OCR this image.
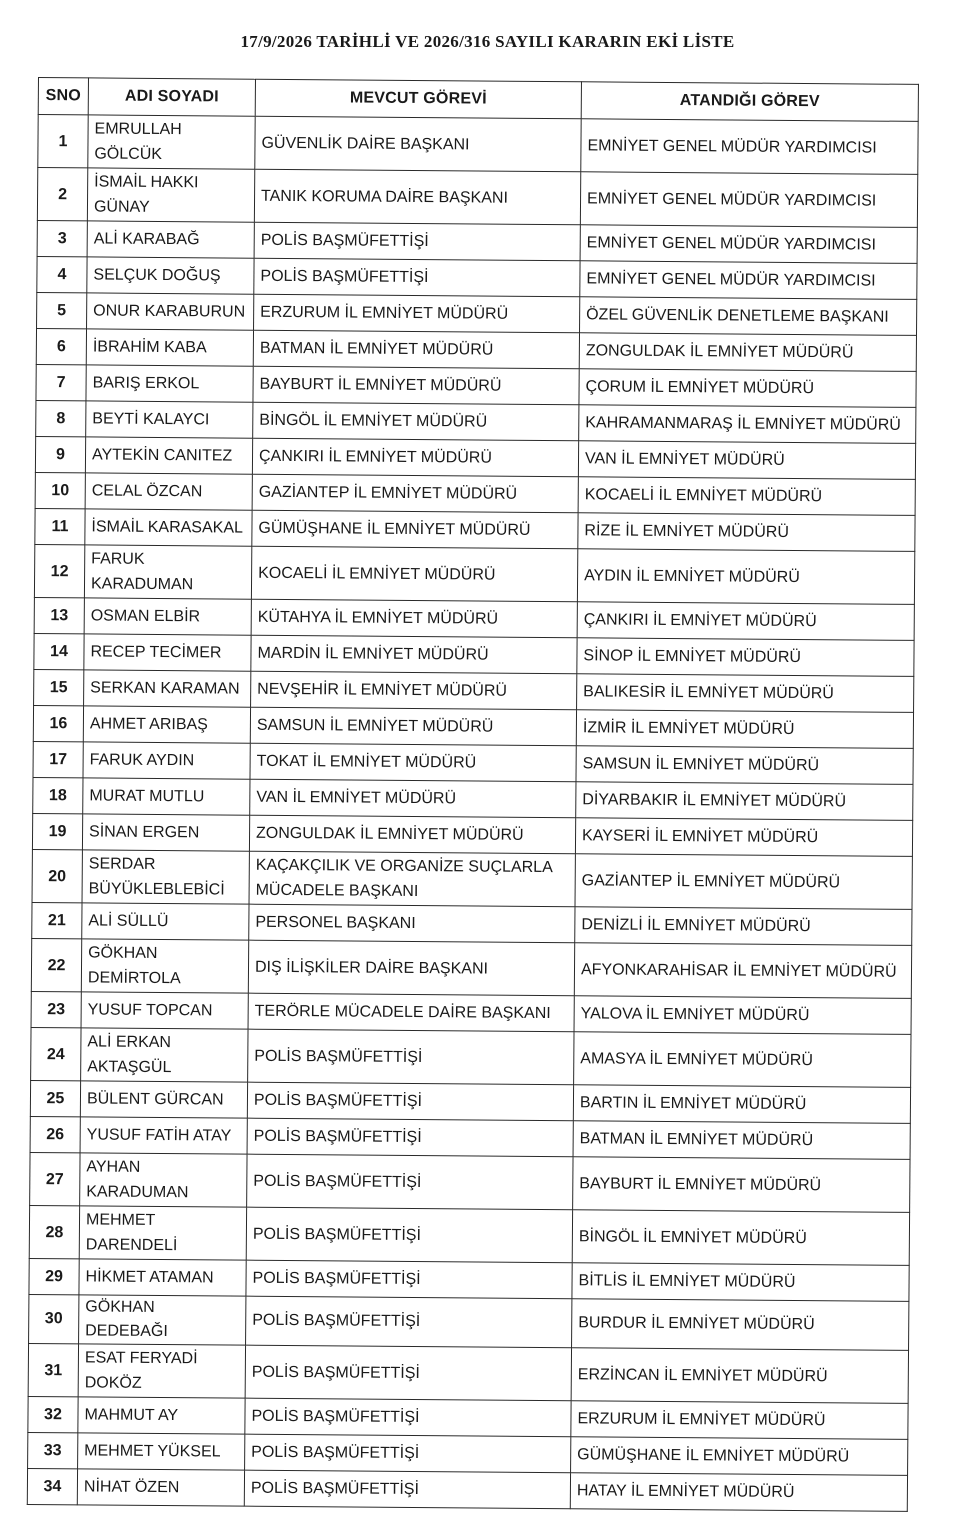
17/9/2026 TARİHLİ VE 2026/316 SAYILI KARARIN EKİ LİSTE
SNO	ADI SOYADI	MEVCUT GÖREVİ	ATANDIĞI GÖREV
1	EMRULLAH GÖLCÜK	GÜVENLİK DAİRE BAŞKANI	EMNİYET GENEL MÜDÜR YARDIMCISI
2	İSMAİL HAKKI GÜNAY	TANIK KORUMA DAİRE BAŞKANI	EMNİYET GENEL MÜDÜR YARDIMCISI
3	ALİ KARABAĞ	POLİS BAŞMÜFETTİŞİ	EMNİYET GENEL MÜDÜR YARDIMCISI
4	SELÇUK DOĞUŞ	POLİS BAŞMÜFETTİŞİ	EMNİYET GENEL MÜDÜR YARDIMCISI
5	ONUR KARABURUN	ERZURUM İL EMNİYET MÜDÜRÜ	ÖZEL GÜVENLİK DENETLEME BAŞKANI
6	İBRAHİM KABA	BATMAN İL EMNİYET MÜDÜRÜ	ZONGULDAK İL EMNİYET MÜDÜRÜ
7	BARIŞ ERKOL	BAYBURT İL EMNİYET MÜDÜRÜ	ÇORUM İL EMNİYET MÜDÜRÜ
8	BEYTİ KALAYCI	BİNGÖL İL EMNİYET MÜDÜRÜ	KAHRAMANMARAŞ İL EMNİYET MÜDÜRÜ
9	AYTEKİN CANITEZ	ÇANKIRI İL EMNİYET MÜDÜRÜ	VAN İL EMNİYET MÜDÜRÜ
10	CELAL ÖZCAN	GAZİANTEP İL EMNİYET MÜDÜRÜ	KOCAELİ İL EMNİYET MÜDÜRÜ
11	İSMAİL KARASAKAL	GÜMÜŞHANE İL EMNİYET MÜDÜRÜ	RİZE İL EMNİYET MÜDÜRÜ
12	FARUK KARADUMAN	KOCAELİ İL EMNİYET MÜDÜRÜ	AYDIN İL EMNİYET MÜDÜRÜ
13	OSMAN ELBİR	KÜTAHYA İL EMNİYET MÜDÜRÜ	ÇANKIRI İL EMNİYET MÜDÜRÜ
14	RECEP TECİMER	MARDİN İL EMNİYET MÜDÜRÜ	SİNOP İL EMNİYET MÜDÜRÜ
15	SERKAN KARAMAN	NEVŞEHİR İL EMNİYET MÜDÜRÜ	BALIKESİR İL EMNİYET MÜDÜRÜ
16	AHMET ARIBAŞ	SAMSUN İL EMNİYET MÜDÜRÜ	İZMİR İL EMNİYET MÜDÜRÜ
17	FARUK AYDIN	TOKAT İL EMNİYET MÜDÜRÜ	SAMSUN İL EMNİYET MÜDÜRÜ
18	MURAT MUTLU	VAN İL EMNİYET MÜDÜRÜ	DİYARBAKIR İL EMNİYET MÜDÜRÜ
19	SİNAN ERGEN	ZONGULDAK İL EMNİYET MÜDÜRÜ	KAYSERİ İL EMNİYET MÜDÜRÜ
20	SERDAR BÜYÜKLEBLEBİCİ	KAÇAKÇILIK VE ORGANİZE SUÇLARLA MÜCADELE BAŞKANI	GAZİANTEP İL EMNİYET MÜDÜRÜ
21	ALİ SÜLLÜ	PERSONEL BAŞKANI	DENİZLİ İL EMNİYET MÜDÜRÜ
22	GÖKHAN DEMİRTOLA	DIŞ İLİŞKİLER DAİRE BAŞKANI	AFYONKARAHİSAR İL EMNİYET MÜDÜRÜ
23	YUSUF TOPCAN	TERÖRLE MÜCADELE DAİRE BAŞKANI	YALOVA İL EMNİYET MÜDÜRÜ
24	ALİ ERKAN AKTAŞGÜL	POLİS BAŞMÜFETTİŞİ	AMASYA İL EMNİYET MÜDÜRÜ
25	BÜLENT GÜRCAN	POLİS BAŞMÜFETTİŞİ	BARTIN İL EMNİYET MÜDÜRÜ
26	YUSUF FATİH ATAY	POLİS BAŞMÜFETTİŞİ	BATMAN İL EMNİYET MÜDÜRÜ
27	AYHAN KARADUMAN	POLİS BAŞMÜFETTİŞİ	BAYBURT İL EMNİYET MÜDÜRÜ
28	MEHMET DARENDELİ	POLİS BAŞMÜFETTİŞİ	BİNGÖL İL EMNİYET MÜDÜRÜ
29	HİKMET ATAMAN	POLİS BAŞMÜFETTİŞİ	BİTLİS İL EMNİYET MÜDÜRÜ
30	GÖKHAN DEDEBAĞI	POLİS BAŞMÜFETTİŞİ	BURDUR İL EMNİYET MÜDÜRÜ
31	ESAT FERYADİ DOKÖZ	POLİS BAŞMÜFETTİŞİ	ERZİNCAN İL EMNİYET MÜDÜRÜ
32	MAHMUT AY	POLİS BAŞMÜFETTİŞİ	ERZURUM İL EMNİYET MÜDÜRÜ
33	MEHMET YÜKSEL	POLİS BAŞMÜFETTİŞİ	GÜMÜŞHANE İL EMNİYET MÜDÜRÜ
34	NİHAT ÖZEN	POLİS BAŞMÜFETTİŞİ	HATAY İL EMNİYET MÜDÜRÜ
